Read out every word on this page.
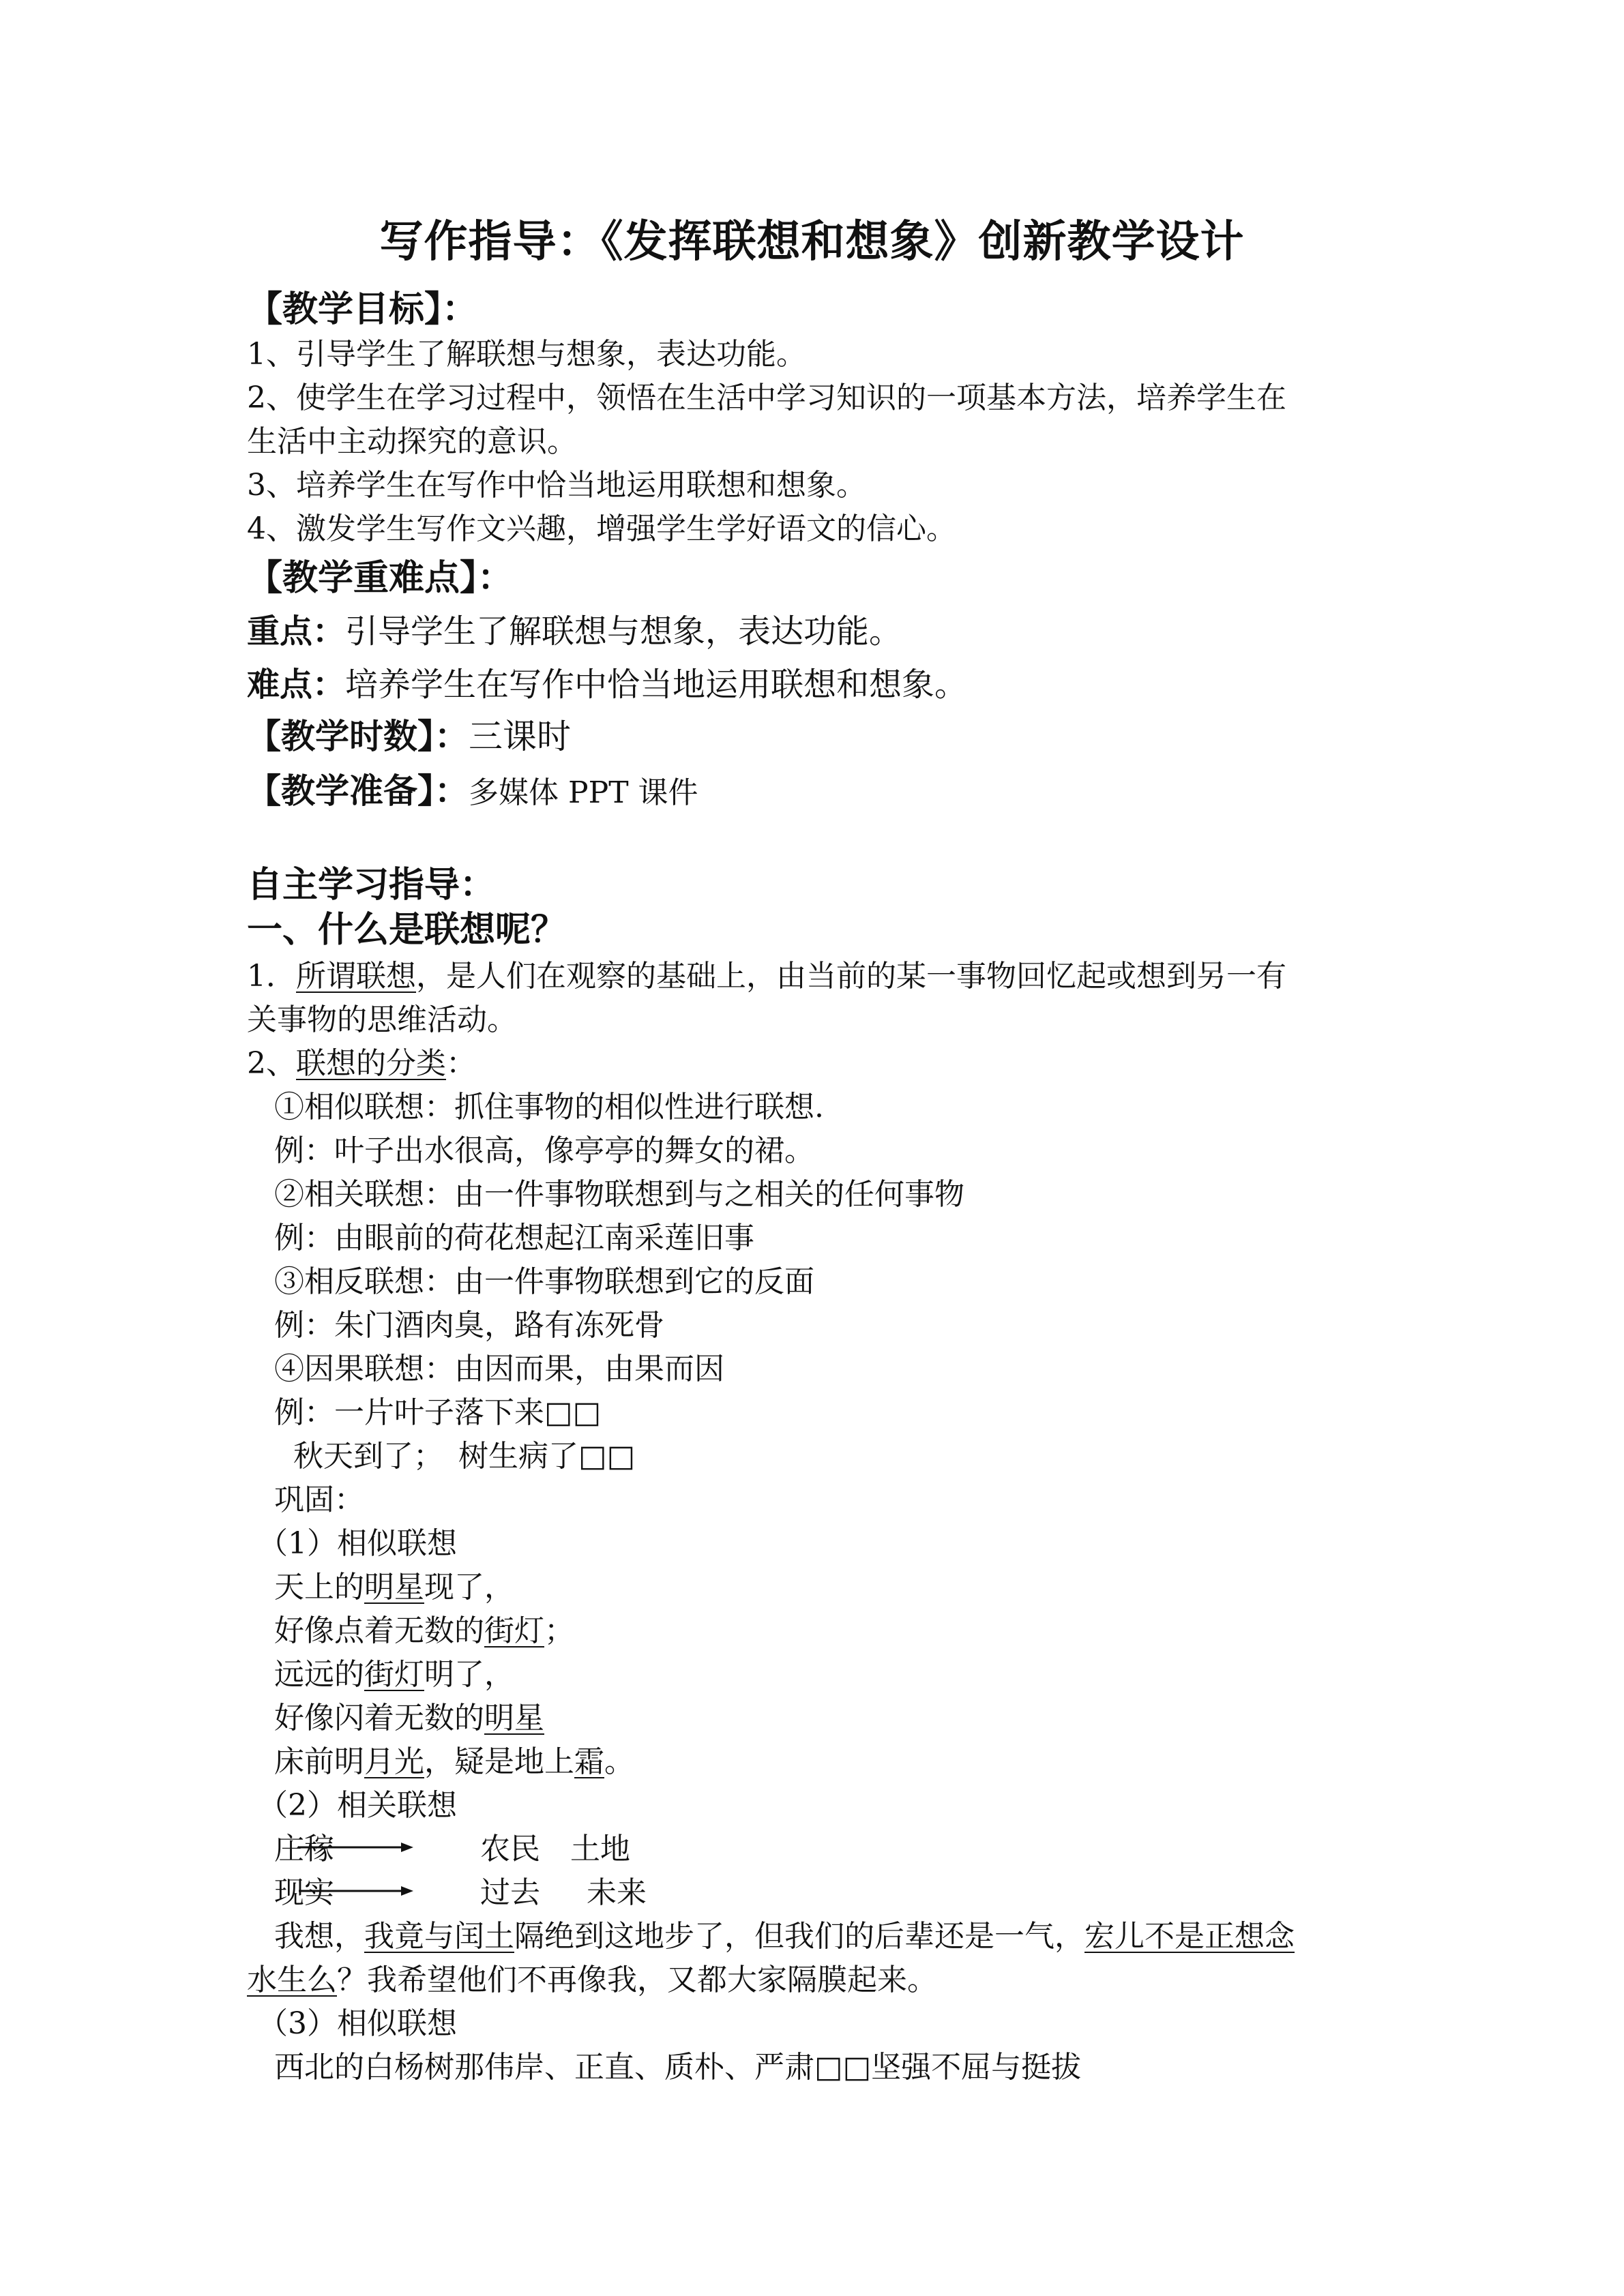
写作指导：《发挥联想和想象》创新教学设计
【教学目标】：
1、引导学生了解联想与想象，表达功能。
2、使学生在学习过程中，领悟在生活中学习知识的一项基本方法，培养学生在
生活中主动探究的意识。
3、培养学生在写作中恰当地运用联想和想象。
4、激发学生写作文兴趣，增强学生学好语文的信心。
【教学重难点】：
重点：引导学生了解联想与想象，表达功能。
难点：培养学生在写作中恰当地运用联想和想象。
【教学时数】：三课时
【教学准备】：多媒体 PPT 课件
自主学习指导：
一、什么是联想呢？
1．所谓联想，是人们在观察的基础上，由当前的某一事物回忆起或想到另一有
关事物的思维活动。
2、联想的分类：
①相似联想：抓住事物的相似性进行联想.
例：叶子出水很高，像亭亭的舞女的裙。
②相关联想：由一件事物联想到与之相关的任何事物
例：由眼前的荷花想起江南采莲旧事
③相反联想：由一件事物联想到它的反面
例：朱门酒肉臭，路有冻死骨
④因果联想：由因而果，由果而因
例：一片叶子落下来□□
秋天到了；　树生病了□□
巩固：
（1）相似联想
天上的明星现了，
好像点着无数的街灯；
远远的街灯明了，
好像闪着无数的明星
床前明月光，疑是地上霜。
（2）相关联想
庄稼	农民 土地
现实	过去 未来
我想，我竟与闰土隔绝到这地步了，但我们的后辈还是一气，宏儿不是正想念
水生么？我希望他们不再像我，又都大家隔膜起来。
（3）相似联想
西北的白杨树那伟岸、正直、质朴、严肃□□坚强不屈与挺拔
